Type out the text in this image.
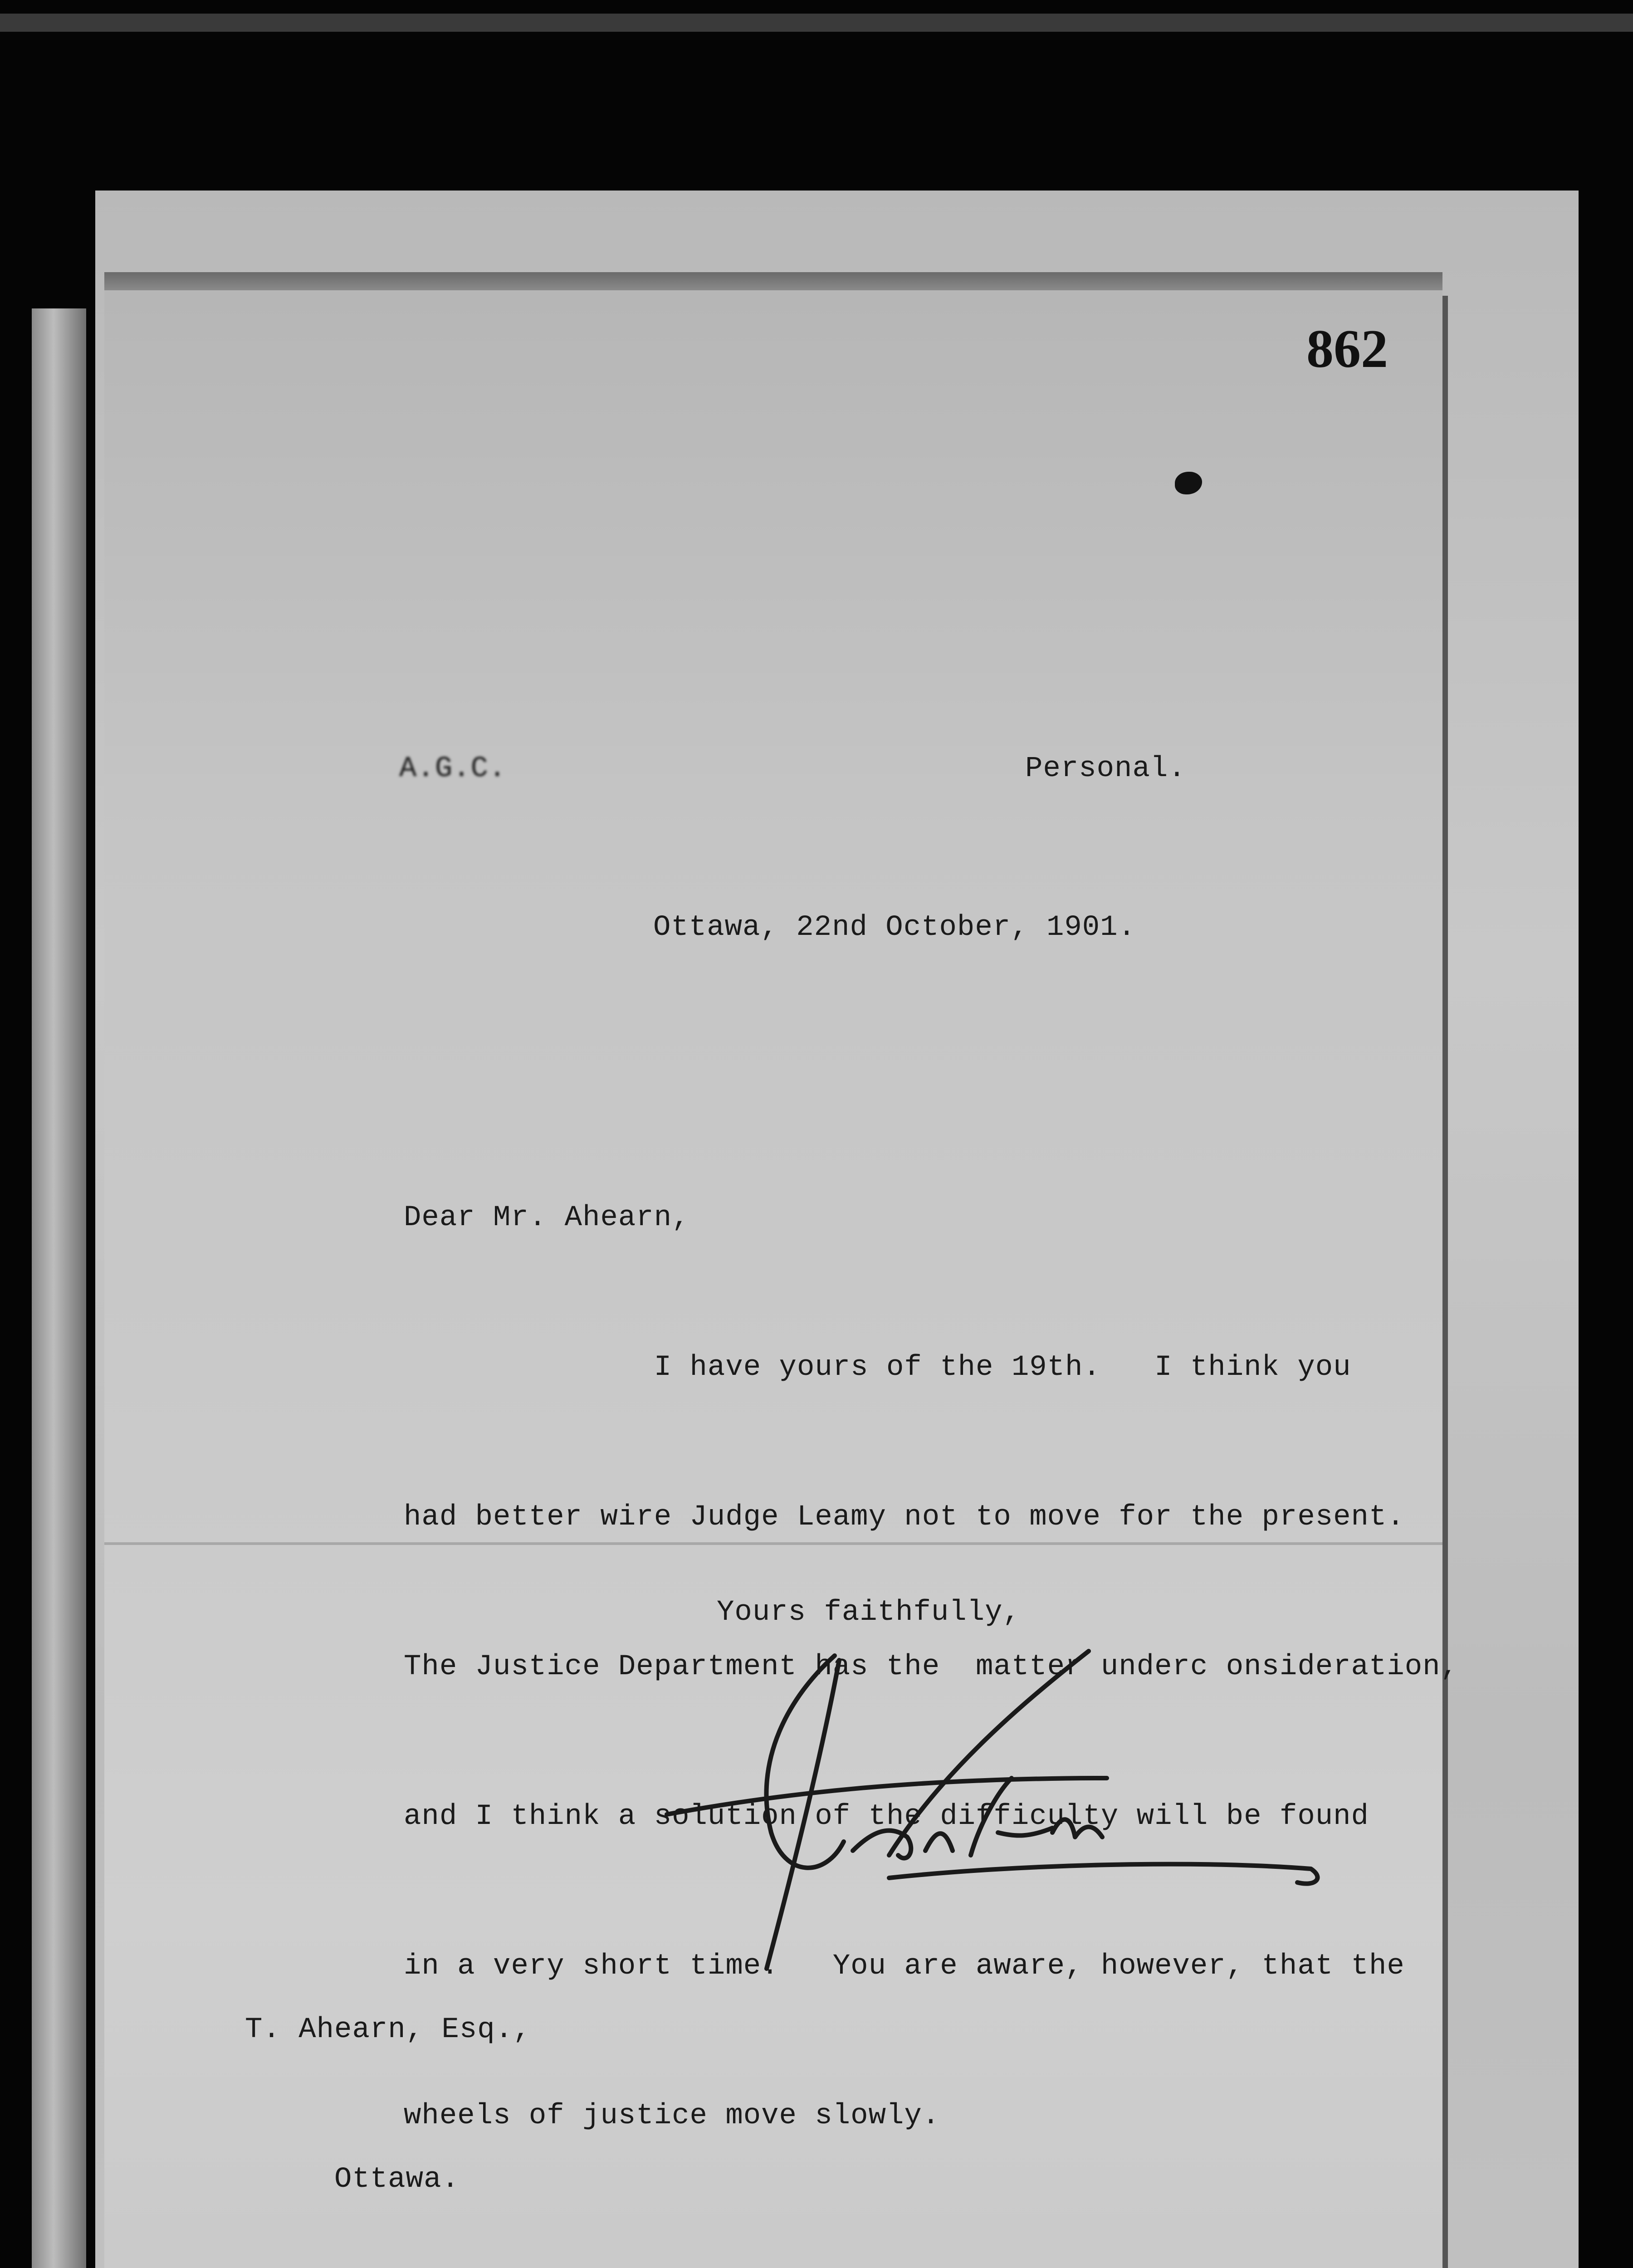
862
A.G.C.	Personal.
Ottawa, 22nd October, 1901.
Dear Mr. Ahearn,

I have yours of the 19th.   I think you

had better wire Judge Leamy not to move for the present.

The Justice Department has the  matter underc onsideration,

and I think a solution of the difficulty will be found

in a very short time.   You are aware, however, that the

wheels of justice move slowly.

Yours faithfully,

T. Ahearn, Esq.,

Ottawa.
